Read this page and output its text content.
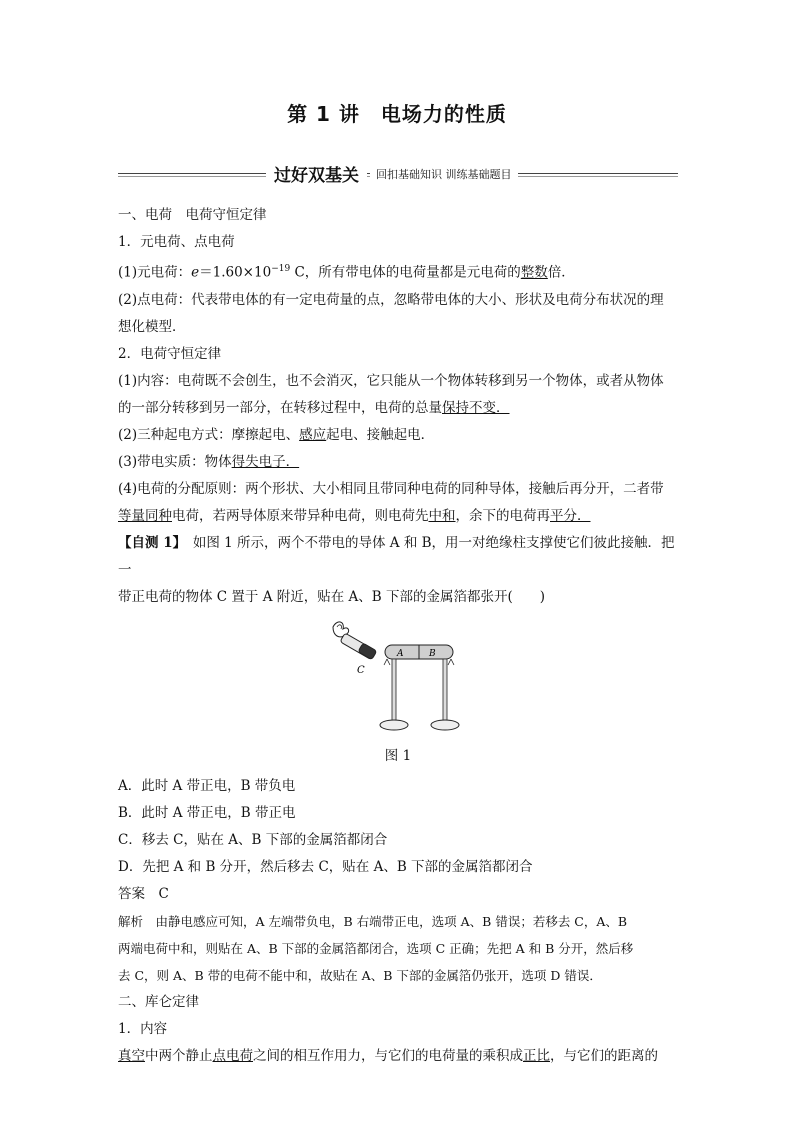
第 1 讲　电场力的性质
过好双基关	回扣基础知识 训练基础题目

一、电荷　电荷守恒定律

1．元电荷、点电荷

(1)元电荷：$e=1.60\times 10^{-19}$ C，所有带电体的电荷量都是元电荷的整数倍．

(2)点电荷：代表带电体的有一定电荷量的点，忽略带电体的大小、形状及电荷分布状况的理

想化模型．

2．电荷守恒定律

(1)内容：电荷既不会创生，也不会消灭，它只能从一个物体转移到另一个物体，或者从物体

的一部分转移到另一部分，在转移过程中，电荷的总量保持不变．

(2)三种起电方式：摩擦起电、感应起电、接触起电．

(3)带电实质：物体得失电子．

(4)电荷的分配原则：两个形状、大小相同且带同种电荷的同种导体，接触后再分开，二者带

等量同种电荷，若两导体原来带异种电荷，则电荷先中和，余下的电荷再平分．

【自测 1】　如图 1 所示，两个不带电的导体 A 和 B，用一对绝缘柱支撑使它们彼此接触．把一

带正电荷的物体 C 置于 A 附近，贴在 A、B 下部的金属箔都张开(　　)

C
A	B

图 1

A．此时 A 带正电，B 带负电

B．此时 A 带正电，B 带正电

C．移去 C，贴在 A、B 下部的金属箔都闭合

D．先把 A 和 B 分开，然后移去 C，贴在 A、B 下部的金属箔都闭合

答案　C

解析　由静电感应可知，A 左端带负电，B 右端带正电，选项 A、B 错误；若移去 C，A、B

两端电荷中和，则贴在 A、B 下部的金属箔都闭合，选项 C 正确；先把 A 和 B 分开，然后移

去 C，则 A、B 带的电荷不能中和，故贴在 A、B 下部的金属箔仍张开，选项 D 错误．

二、库仑定律

1．内容

真空中两个静止点电荷之间的相互作用力，与它们的电荷量的乘积成正比，与它们的距离的
